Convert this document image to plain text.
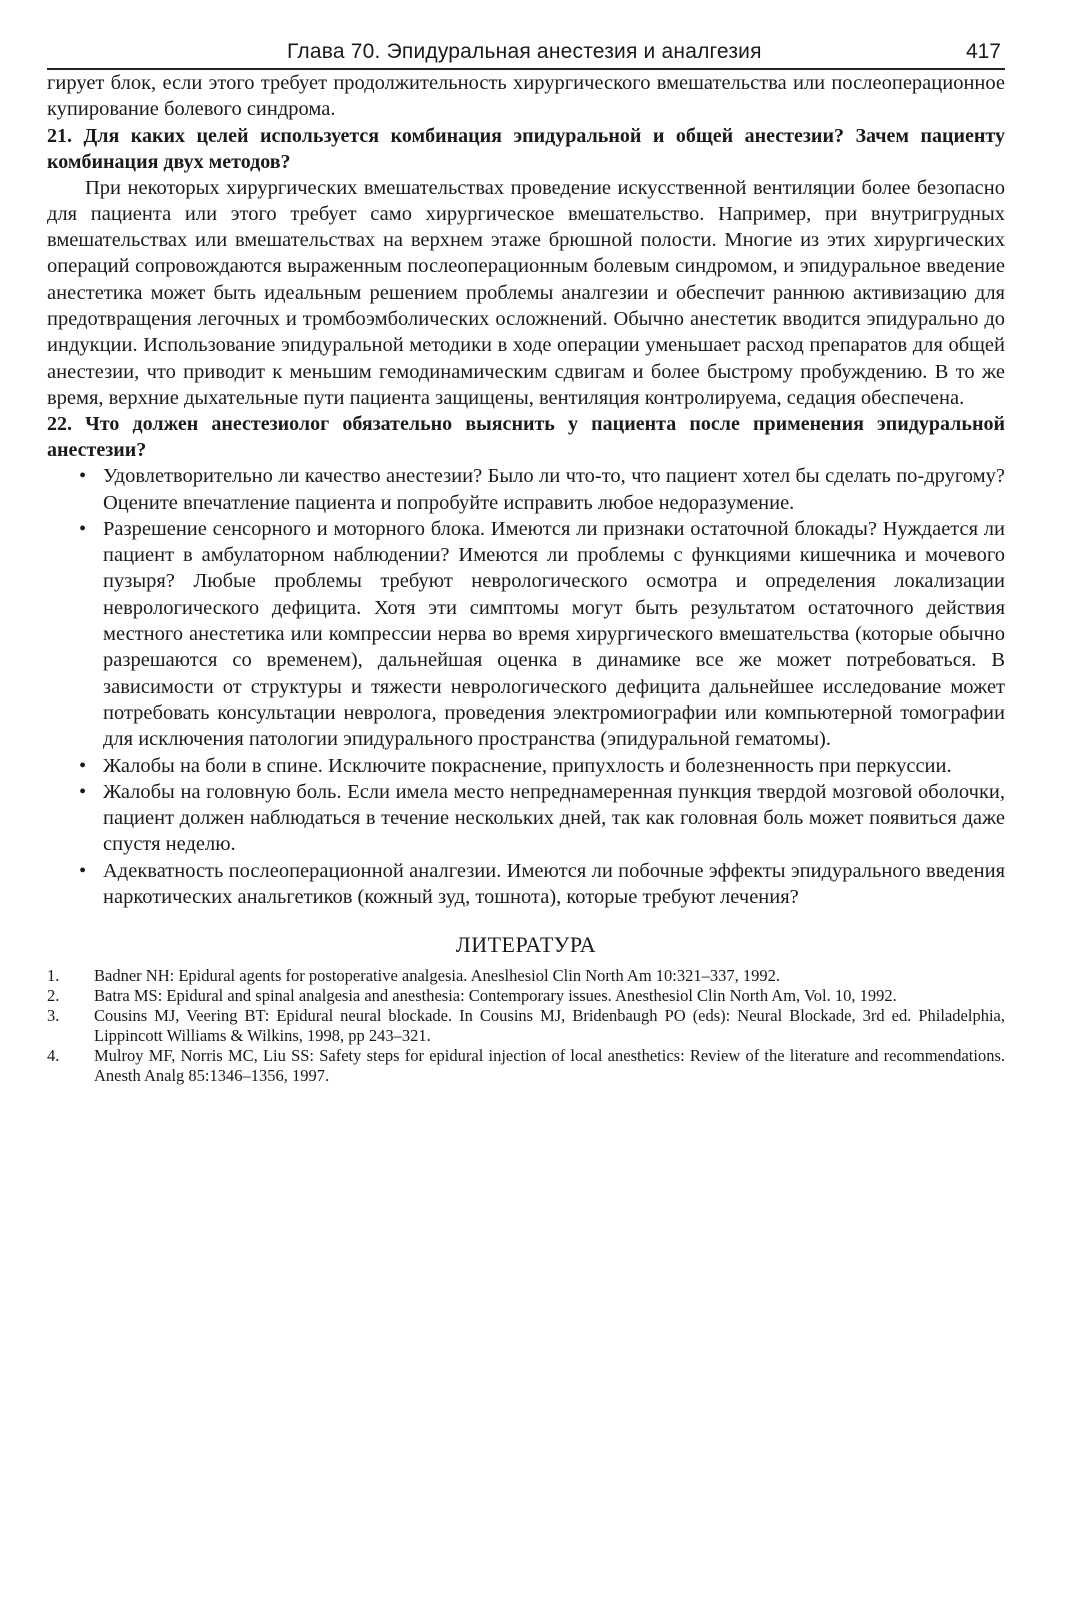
Глава 70. Эпидуральная анестезия и аналгезия	417

гирует блок, если этого требует продолжительность хирургического вмешательства или послеоперационное купирование болевого синдрома.

21. Для каких целей используется комбинация эпидуральной и общей анестезии? Зачем пациенту комбинация двух методов?

При некоторых хирургических вмешательствах проведение искусственной вентиляции более безопасно для пациента или этого требует само хирургическое вмешательство. Например, при внутригрудных вмешательствах или вмешательствах на верхнем этаже брюшной полости. Многие из этих хирургических операций сопровождаются выраженным послеоперационным болевым синдромом, и эпидуральное введение анестетика может быть идеальным решением проблемы аналгезии и обеспечит раннюю активизацию для предотвращения легочных и тромбоэмболических осложнений. Обычно анестетик вводится эпидурально до индукции. Использование эпидуральной методики в ходе операции уменьшает расход препаратов для общей анестезии, что приводит к меньшим гемодинамическим сдвигам и более быстрому пробуждению. В то же время, верхние дыхательные пути пациента защищены, вентиляция контролируема, седация обеспечена.

22. Что должен анестезиолог обязательно выяснить у пациента после применения эпидуральной анестезии?

• Удовлетворительно ли качество анестезии? Было ли что-то, что пациент хотел бы сделать по-другому? Оцените впечатление пациента и попробуйте исправить любое недоразумение.
• Разрешение сенсорного и моторного блока. Имеются ли признаки остаточной блокады? Нуждается ли пациент в амбулаторном наблюдении? Имеются ли проблемы с функциями кишечника и мочевого пузыря? Любые проблемы требуют неврологического осмотра и определения локализации неврологического дефицита. Хотя эти симптомы могут быть результатом остаточного действия местного анестетика или компрессии нерва во время хирургического вмешательства (которые обычно разрешаются со временем), дальнейшая оценка в динамике все же может потребоваться. В зависимости от структуры и тяжести неврологического дефицита дальнейшее исследование может потребовать консультации невролога, проведения электромиографии или компьютерной томографии для исключения патологии эпидурального пространства (эпидуральной гематомы).
• Жалобы на боли в спине. Исключите покраснение, припухлость и болезненность при перкуссии.
• Жалобы на головную боль. Если имела место непреднамеренная пункция твердой мозговой оболочки, пациент должен наблюдаться в течение нескольких дней, так как головная боль может появиться даже спустя неделю.
• Адекватность послеоперационной аналгезии. Имеются ли побочные эффекты эпидурального введения наркотических анальгетиков (кожный зуд, тошнота), которые требуют лечения?
ЛИТЕРАТУРА
1. Badner NH: Epidural agents for postoperative analgesia. Aneslhesiol Clin North Am 10:321–337, 1992.
2. Batra MS: Epidural and spinal analgesia and anesthesia: Contemporary issues. Anesthesiol Clin North Am, Vol. 10, 1992.
3. Cousins MJ, Veering BT: Epidural neural blockade. In Cousins MJ, Bridenbaugh PO (eds): Neural Blockade, 3rd ed. Philadelphia, Lippincott Williams & Wilkins, 1998, pp 243–321.
4. Mulroy MF, Norris MC, Liu SS: Safety steps for epidural injection of local anesthetics: Review of the literature and recommendations. Anesth Analg 85:1346–1356, 1997.
